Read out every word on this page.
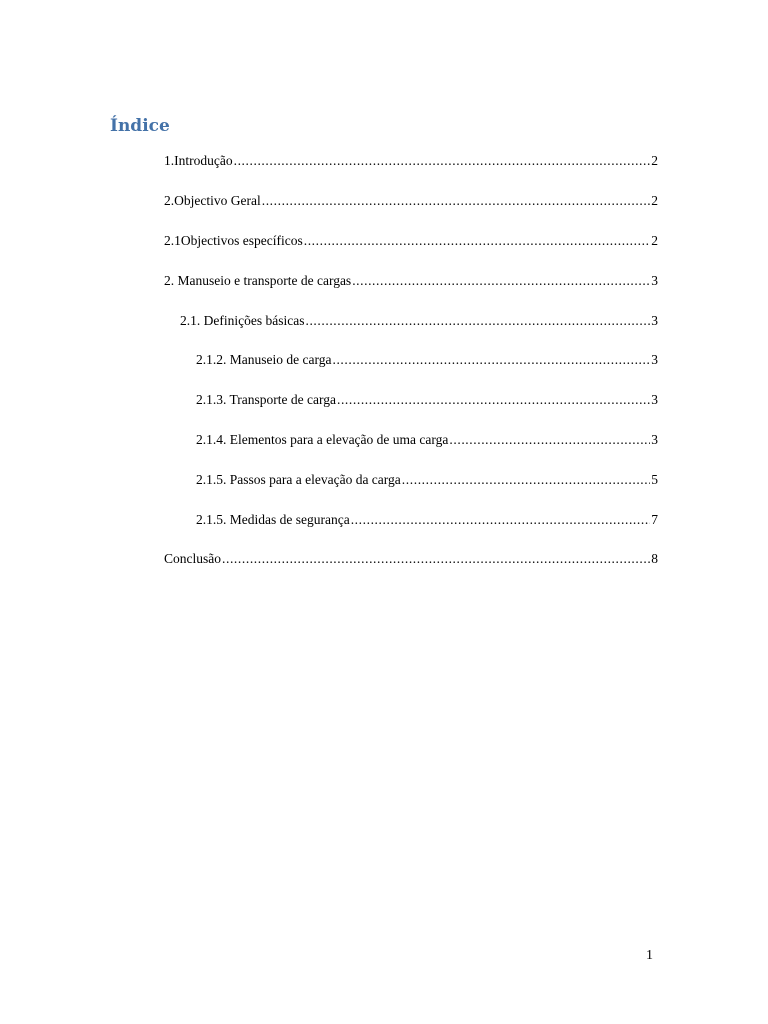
Índice
1.Introdução .....	2
2.Objectivo Geral .....	2
2.1Objectivos específicos .....	2
2. Manuseio e transporte de cargas .....	3
2.1. Definições básicas .....	3
2.1.2. Manuseio de carga .....	3
2.1.3. Transporte de carga .....	3
2.1.4. Elementos para a elevação de uma carga .....	3
2.1.5. Passos para a elevação da carga .....	5
2.1.5. Medidas de segurança .....	7
Conclusão .....	8
1
